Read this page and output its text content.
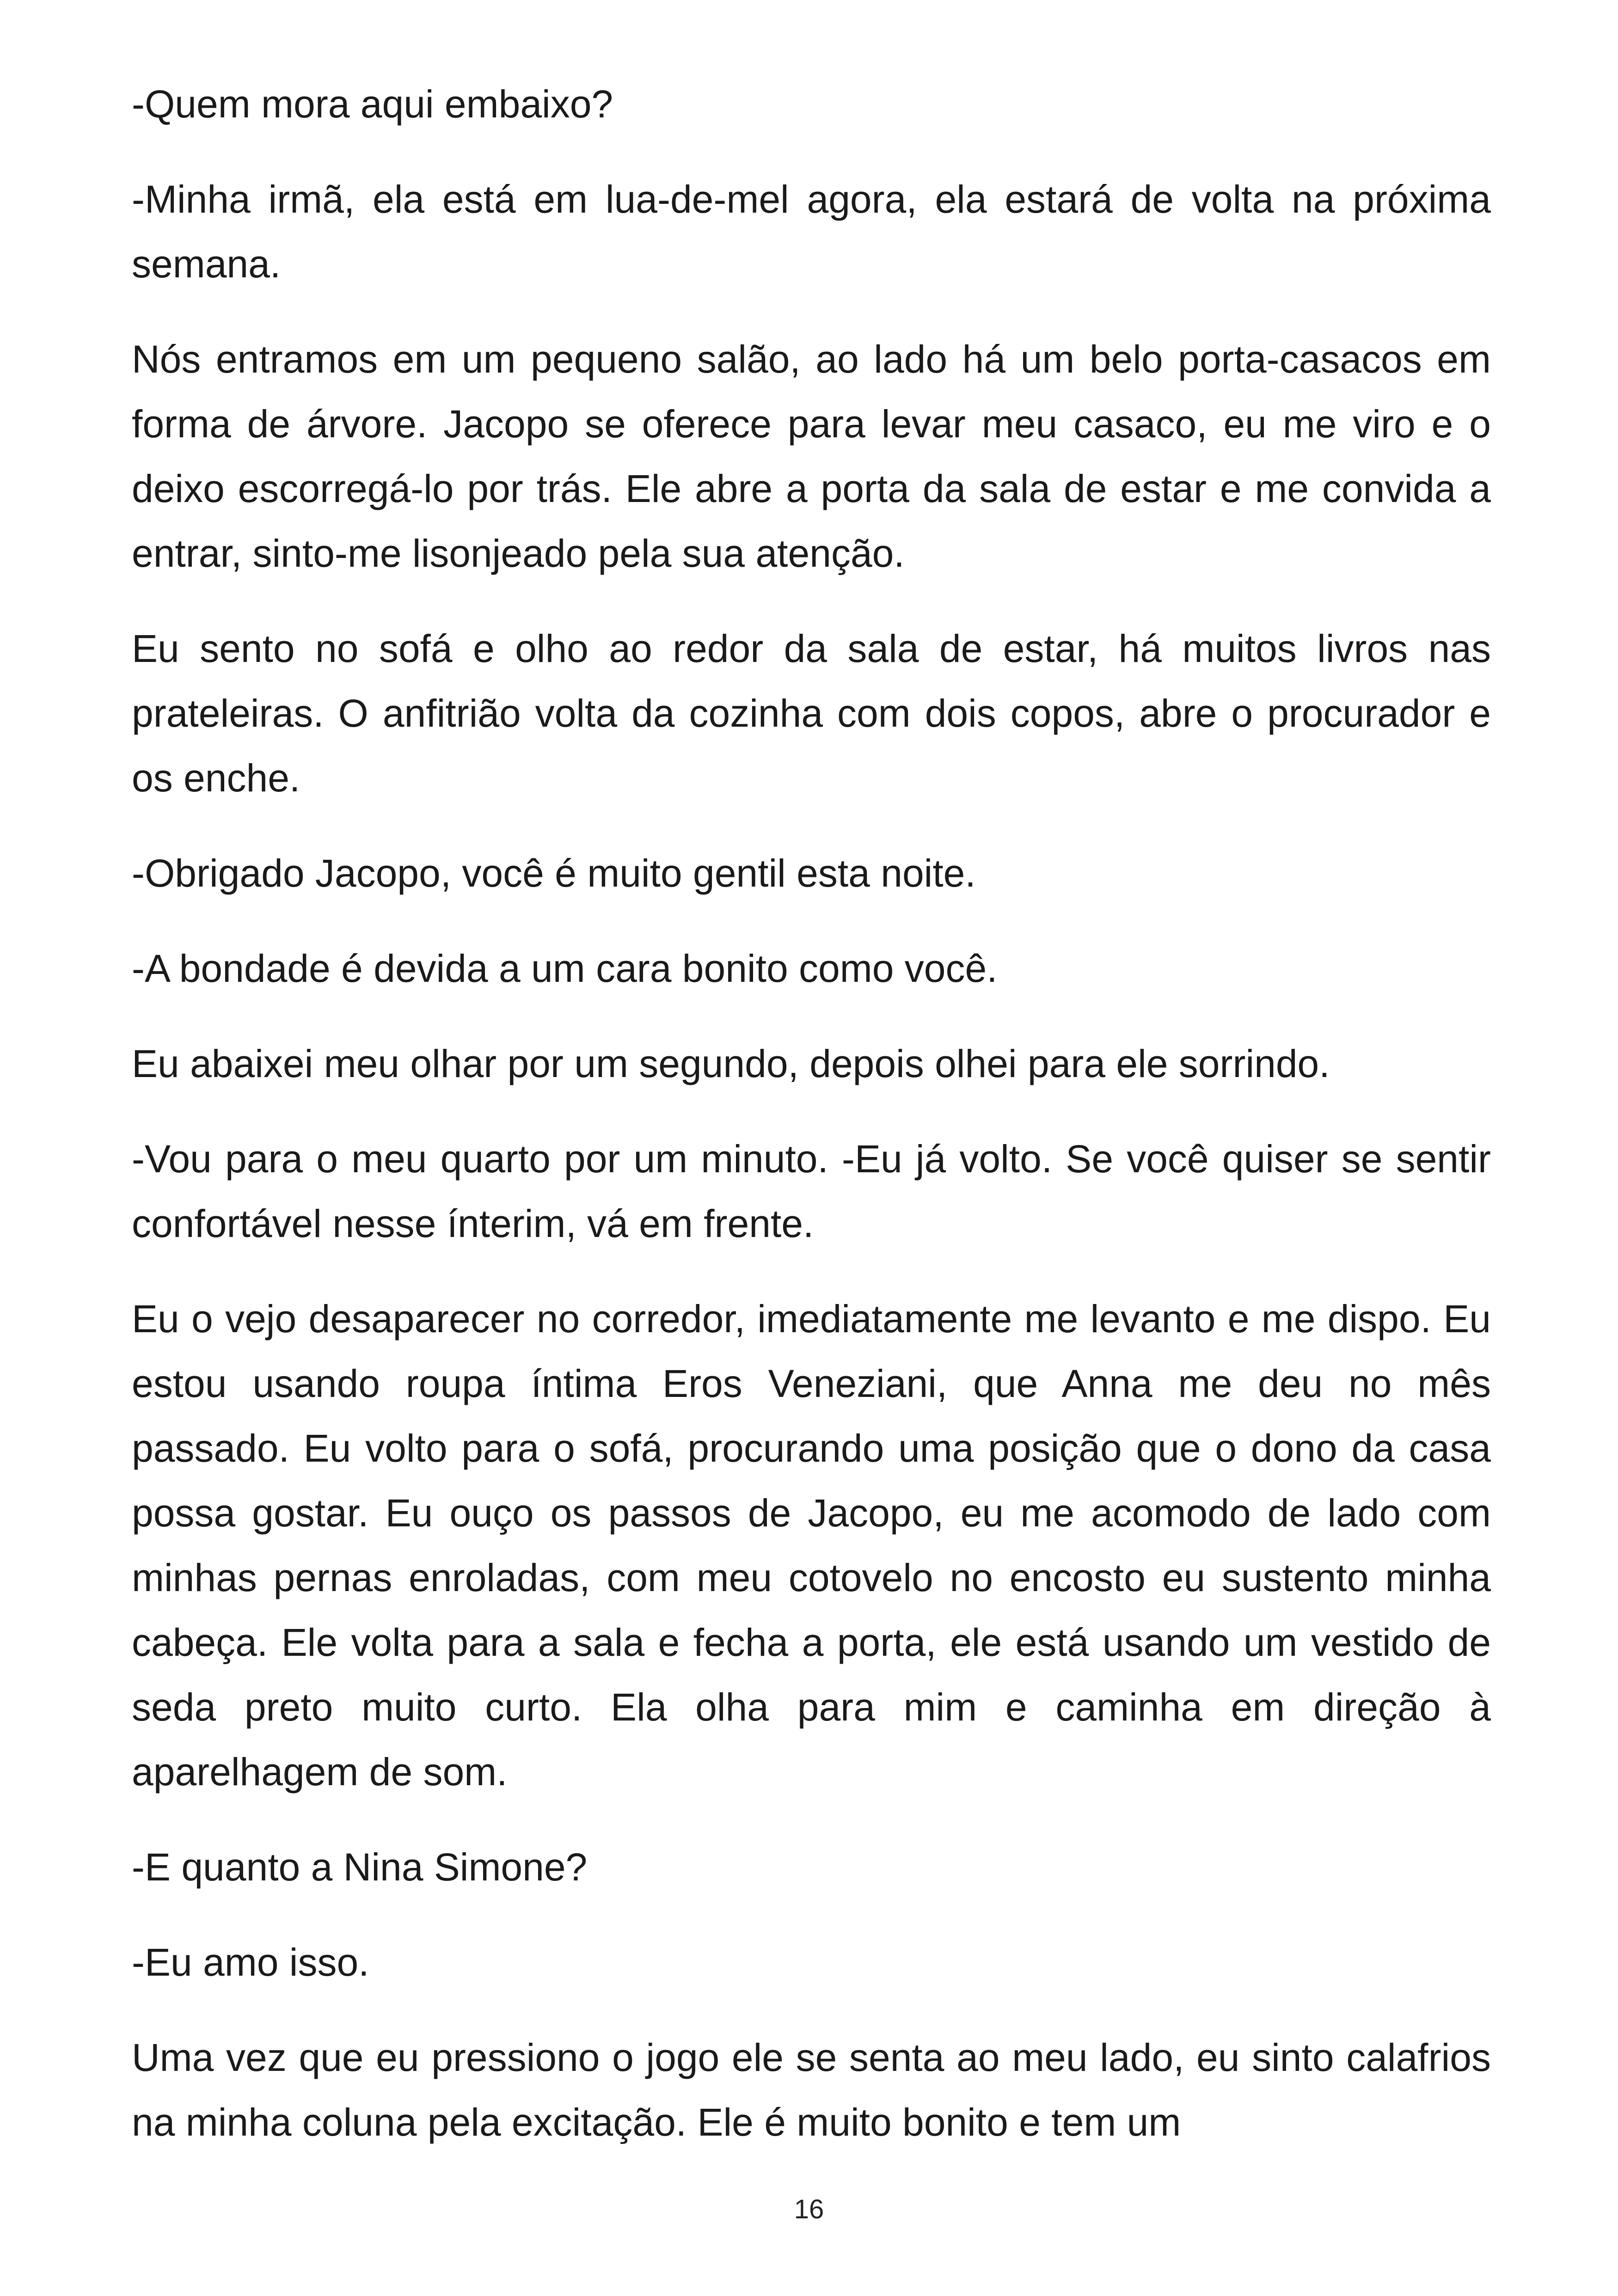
-Quem mora aqui embaixo?

-Minha irmã, ela está em lua-de-mel agora, ela estará de volta na próxima semana.

Nós entramos em um pequeno salão, ao lado há um belo porta-casacos em forma de árvore. Jacopo se oferece para levar meu casaco, eu me viro e o deixo escorregá-lo por trás. Ele abre a porta da sala de estar e me convida a entrar, sinto-me lisonjeado pela sua atenção.

Eu sento no sofá e olho ao redor da sala de estar, há muitos livros nas prateleiras. O anfitrião volta da cozinha com dois copos, abre o procurador e os enche.

-Obrigado Jacopo, você é muito gentil esta noite.

-A bondade é devida a um cara bonito como você.

Eu abaixei meu olhar por um segundo, depois olhei para ele sorrindo.

-Vou para o meu quarto por um minuto. -Eu já volto. Se você quiser se sentir confortável nesse ínterim, vá em frente.

Eu o vejo desaparecer no corredor, imediatamente me levanto e me dispo. Eu estou usando roupa íntima Eros Veneziani, que Anna me deu no mês passado. Eu volto para o sofá, procurando uma posição que o dono da casa possa gostar. Eu ouço os passos de Jacopo, eu me acomodo de lado com minhas pernas enroladas, com meu cotovelo no encosto eu sustento minha cabeça. Ele volta para a sala e fecha a porta, ele está usando um vestido de seda preto muito curto. Ela olha para mim e caminha em direção à aparelhagem de som.

-E quanto a Nina Simone?

-Eu amo isso.

Uma vez que eu pressiono o jogo ele se senta ao meu lado, eu sinto calafrios na minha coluna pela excitação. Ele é muito bonito e tem um

16
